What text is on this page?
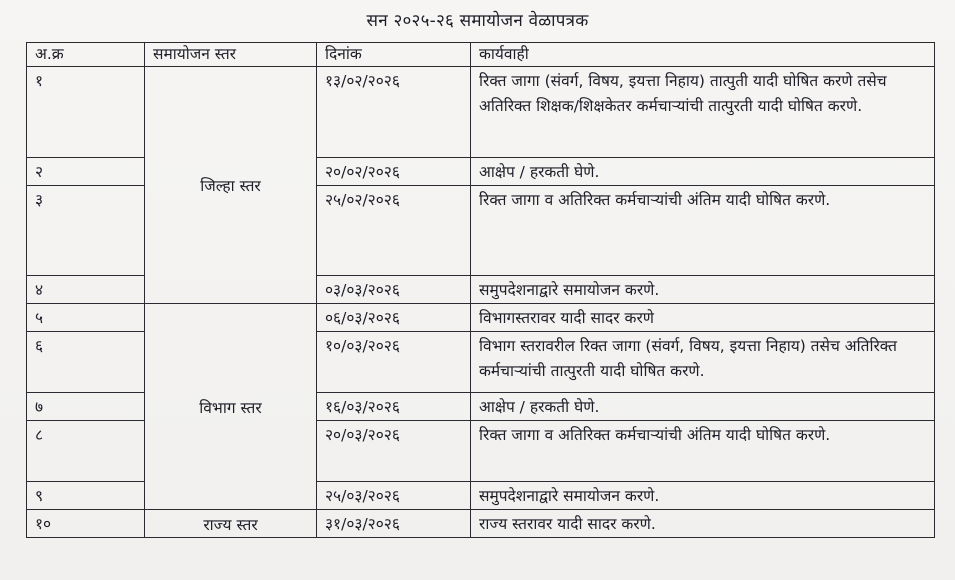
सन २०२५-२६ समायोजन वेळापत्रक
अ.क्र	समायोजन स्तर	दिनांक	कार्यवाही
१	जिल्हा स्तर	१३/०२/२०२६	रिक्त जागा (संवर्ग, विषय, इयत्ता निहाय) तात्पुती यादी घोषित करणे तसेच अतिरिक्त शिक्षक/शिक्षकेतर कर्मचाऱ्यांची तात्पुरती यादी घोषित करणे.

२		२०/०२/२०२६	आक्षेप / हरकती घेणे.

३		२५/०२/२०२६	रिक्त जागा व अतिरिक्त कर्मचाऱ्यांची अंतिम यादी घोषित करणे.

४		०३/०३/२०२६	समुपदेशनाद्वारे समायोजन करणे.

५	विभाग स्तर	०६/०३/२०२६	विभागस्तरावर यादी सादर करणे

६		१०/०३/२०२६	विभाग स्तरावरील रिक्त जागा (संवर्ग, विषय, इयत्ता निहाय) तसेच अतिरिक्त कर्मचाऱ्यांची तात्पुरती यादी घोषित करणे.

७		१६/०३/२०२६	आक्षेप / हरकती घेणे.

८		२०/०३/२०२६	रिक्त जागा व अतिरिक्त कर्मचाऱ्यांची अंतिम यादी घोषित करणे.

९		२५/०३/२०२६	समुपदेशनाद्वारे समायोजन करणे.

१०	राज्य स्तर	३१/०३/२०२६	राज्य स्तरावर यादी सादर करणे.
